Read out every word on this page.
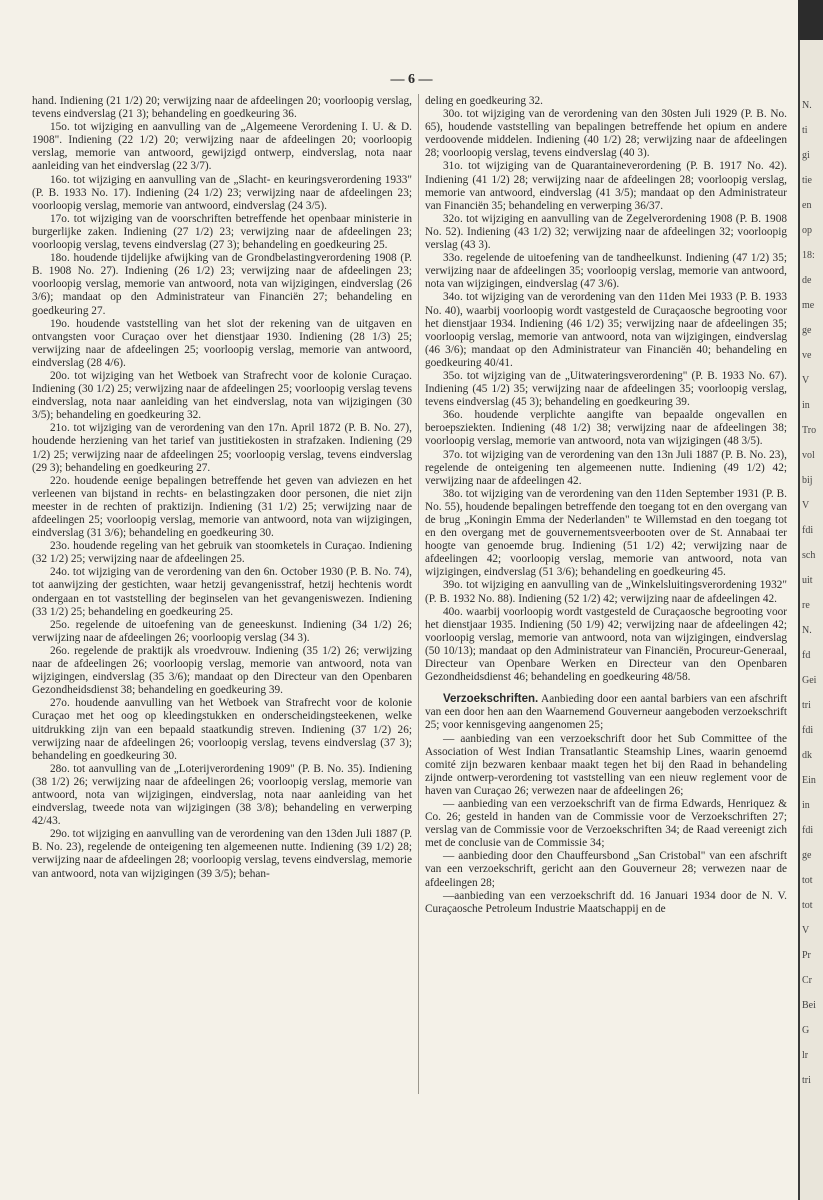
— 6 —

hand. Indiening (21 1/2) 20; verwijzing naar de afdeelingen 20; voorloopig verslag, tevens eindverslag (21 3); behandeling en goedkeuring 36.

15o. tot wijziging en aanvulling van de „Algemeene Verordening I. U. & D. 1908". Indiening (22 1/2) 20; verwijzing naar de afdeelingen 20; voorloopig verslag, memorie van antwoord, gewijzigd ontwerp, eindverslag, nota naar aanleiding van het eindverslag (22 3/7).

16o. tot wijziging en aanvulling van de „Slacht- en keuringsverordening 1933" (P. B. 1933 No. 17). Indiening (24 1/2) 23; verwijzing naar de afdeelingen 23; voorloopig verslag, memorie van antwoord, eindverslag (24 3/5).

17o. tot wijziging van de voorschriften betreffende het openbaar ministerie in burgerlijke zaken. Indiening (27 1/2) 23; verwijzing naar de afdeelingen 23; voorloopig verslag, tevens eindverslag (27 3); behandeling en goedkeuring 25.

18o. houdende tijdelijke afwijking van de Grondbelastingverordening 1908 (P. B. 1908 No. 27). Indiening (26 1/2) 23; verwijzing naar de afdeelingen 23; voorloopig verslag, memorie van antwoord, nota van wijzigingen, eindverslag (26 3/6); mandaat op den Administrateur van Financiën 27; behandeling en goedkeuring 27.

19o. houdende vaststelling van het slot der rekening van de uitgaven en ontvangsten voor Curaçao over het dienstjaar 1930. Indiening (28 1/3) 25; verwijzing naar de afdeelingen 25; voorloopig verslag, memorie van antwoord, eindverslag (28 4/6).

20o. tot wijziging van het Wetboek van Strafrecht voor de kolonie Curaçao. Indiening (30 1/2) 25; verwijzing naar de afdeelingen 25; voorloopig verslag tevens eindverslag, nota naar aanleiding van het eindverslag, nota van wijzigingen (30 3/5); behandeling en goedkeuring 32.

21o. tot wijziging van de verordening van den 17n. April 1872 (P. B. No. 27), houdende herziening van het tarief van justitiekosten in strafzaken. Indiening (29 1/2) 25; verwijzing naar de afdeelingen 25; voorloopig verslag, tevens eindverslag (29 3); behandeling en goedkeuring 27.

22o. houdende eenige bepalingen betreffende het geven van adviezen en het verleenen van bijstand in rechts- en belastingzaken door personen, die niet zijn meester in de rechten of praktizijn. Indiening (31 1/2) 25; verwijzing naar de afdeelingen 25; voorloopig verslag, memorie van antwoord, nota van wijzigingen, eindverslag (31 3/6); behandeling en goedkeuring 30.

23o. houdende regeling van het gebruik van stoomketels in Curaçao. Indiening (32 1/2) 25; verwijzing naar de afdeelingen 25.

24o. tot wijziging van de verordening van den 6n. October 1930 (P. B. No. 74), tot aanwijzing der gestichten, waar hetzij gevangenisstraf, hetzij hechtenis wordt ondergaan en tot vaststelling der beginselen van het gevangeniswezen. Indiening (33 1/2) 25; behandeling en goedkeuring 25.

25o. regelende de uitoefening van de geneeskunst. Indiening (34 1/2) 26; verwijzing naar de afdeelingen 26; voorloopig verslag (34 3).

26o. regelende de praktijk als vroedvrouw. Indiening (35 1/2) 26; verwijzing naar de afdeelingen 26; voorloopig verslag, memorie van antwoord, nota van wijzigingen, eindverslag (35 3/6); mandaat op den Directeur van den Openbaren Gezondheidsdienst 38; behandeling en goedkeuring 39.

27o. houdende aanvulling van het Wetboek van Strafrecht voor de kolonie Curaçao met het oog op kleedingstukken en onderscheidingsteekenen, welke uitdrukking zijn van een bepaald staatkundig streven. Indiening (37 1/2) 26; verwijzing naar de afdeelingen 26; voorloopig verslag, tevens eindverslag (37 3); behandeling en goedkeuring 30.

28o. tot aanvulling van de „Loterijverordening 1909" (P. B. No. 35). Indiening (38 1/2) 26; verwijzing naar de afdeelingen 26; voorloopig verslag, memorie van antwoord, nota van wijzigingen, eindverslag, nota naar aanleiding van het eindverslag, tweede nota van wijzigingen (38 3/8); behandeling en verwerping 42/43.

29o. tot wijziging en aanvulling van de verordening van den 13den Juli 1887 (P. B. No. 23), regelende de onteigening ten algemeenen nutte. Indiening (39 1/2) 28; verwijzing naar de afdeelingen 28; voorloopig verslag, tevens eindverslag, memorie van antwoord, nota van wijzigingen (39 3/5); behan-

deling en goedkeuring 32.

30o. tot wijziging van de verordening van den 30sten Juli 1929 (P. B. No. 65), houdende vaststelling van bepalingen betreffende het opium en andere verdoovende middelen. Indiening (40 1/2) 28; verwijzing naar de afdeelingen 28; voorloopig verslag, tevens eindverslag (40 3).

31o. tot wijziging van de Quarantaineverordening (P. B. 1917 No. 42). Indiening (41 1/2) 28; verwijzing naar de afdeelingen 28; voorloopig verslag, memorie van antwoord, eindverslag (41 3/5); mandaat op den Administrateur van Financiën 35; behandeling en verwerping 36/37.

32o. tot wijziging en aanvulling van de Zegelverordening 1908 (P. B. 1908 No. 52). Indiening (43 1/2) 32; verwijzing naar de afdeelingen 32; voorloopig verslag (43 3).

33o. regelende de uitoefening van de tandheelkunst. Indiening (47 1/2) 35; verwijzing naar de afdeelingen 35; voorloopig verslag, memorie van antwoord, nota van wijzigingen, eindverslag (47 3/6).

34o. tot wijziging van de verordening van den 11den Mei 1933 (P. B. 1933 No. 40), waarbij voorloopig wordt vastgesteld de Curaçaosche begrooting voor het dienstjaar 1934. Indiening (46 1/2) 35; verwijzing naar de afdeelingen 35; voorloopig verslag, memorie van antwoord, nota van wijzigingen, eindverslag (46 3/6); mandaat op den Administrateur van Financiën 40; behandeling en goedkeuring 40/41.

35o. tot wijziging van de „Uitwateringsverordening" (P. B. 1933 No. 67). Indiening (45 1/2) 35; verwijzing naar de afdeelingen 35; voorloopig verslag, tevens eindverslag (45 3); behandeling en goedkeuring 39.

36o. houdende verplichte aangifte van bepaalde ongevallen en beroepsziekten. Indiening (48 1/2) 38; verwijzing naar de afdeelingen 38; voorloopig verslag, memorie van antwoord, nota van wijzigingen (48 3/5).

37o. tot wijziging van de verordening van den 13n Juli 1887 (P. B. No. 23), regelende de onteigening ten algemeenen nutte. Indiening (49 1/2) 42; verwijzing naar de afdeelingen 42.

38o. tot wijziging van de verordening van den 11den September 1931 (P. B. No. 55), houdende bepalingen betreffende den toegang tot en den overgang van de brug „Koningin Emma der Nederlanden" te Willemstad en den toegang tot en den overgang met de gouvernementsveerbooten over de St. Annabaai ter hoogte van genoemde brug. Indiening (51 1/2) 42; verwijzing naar de afdeelingen 42; voorloopig verslag, memorie van antwoord, nota van wijzigingen, eindverslag (51 3/6); behandeling en goedkeuring 45.

39o. tot wijziging en aanvulling van de „Winkelsluitingsverordening 1932" (P. B. 1932 No. 88). Indiening (52 1/2) 42; verwijzing naar de afdeelingen 42.

40o. waarbij voorloopig wordt vastgesteld de Curaçaosche begrooting voor het dienstjaar 1935. Indiening (50 1/9) 42; verwijzing naar de afdeelingen 42; voorloopig verslag, memorie van antwoord, nota van wijzigingen, eindverslag (50 10/13); mandaat op den Administrateur van Financiën, Procureur-Generaal, Directeur van Openbare Werken en Directeur van den Openbaren Gezondheidsdienst 46; behandeling en goedkeuring 48/58.

Verzoekschriften. Aanbieding door een aantal barbiers van een afschrift van een door hen aan den Waarnemend Gouverneur aangeboden verzoekschrift 25; voor kennisgeving aangenomen 25;

— aanbieding van een verzoekschrift door het Sub Committee of the Association of West Indian Transatlantic Steamship Lines, waarin genoemd comité zijn bezwaren kenbaar maakt tegen het bij den Raad in behandeling zijnde ontwerp-verordening tot vaststelling van een nieuw reglement voor de haven van Curaçao 26; verwezen naar de afdeelingen 26;

— aanbieding van een verzoekschrift van de firma Edwards, Henriquez & Co. 26; gesteld in handen van de Commissie voor de Verzoekschriften 27; verslag van de Commissie voor de Verzoekschriften 34; de Raad vereenigt zich met de conclusie van de Commissie 34;

— aanbieding door den Chauffeursbond „San Cristobal" van een afschrift van een verzoekschrift, gericht aan den Gouverneur 28; verwezen naar de afdeelingen 28;

—aanbieding van een verzoekschrift dd. 16 Januari 1934 door de N. V. Curaçaosche Petroleum Industrie Maatschappij en de

N.
ti
gi
tie
en
op
18:
de
me
ge
ve
V
in
Tro
vol
bij
V
fdi
sch
uit
re
N.
fd
Gei
tri
fdi
dk
Ein
in
fdi
ge
tot
tot
V
Pr
Cr
Bei
G
lr
tri
